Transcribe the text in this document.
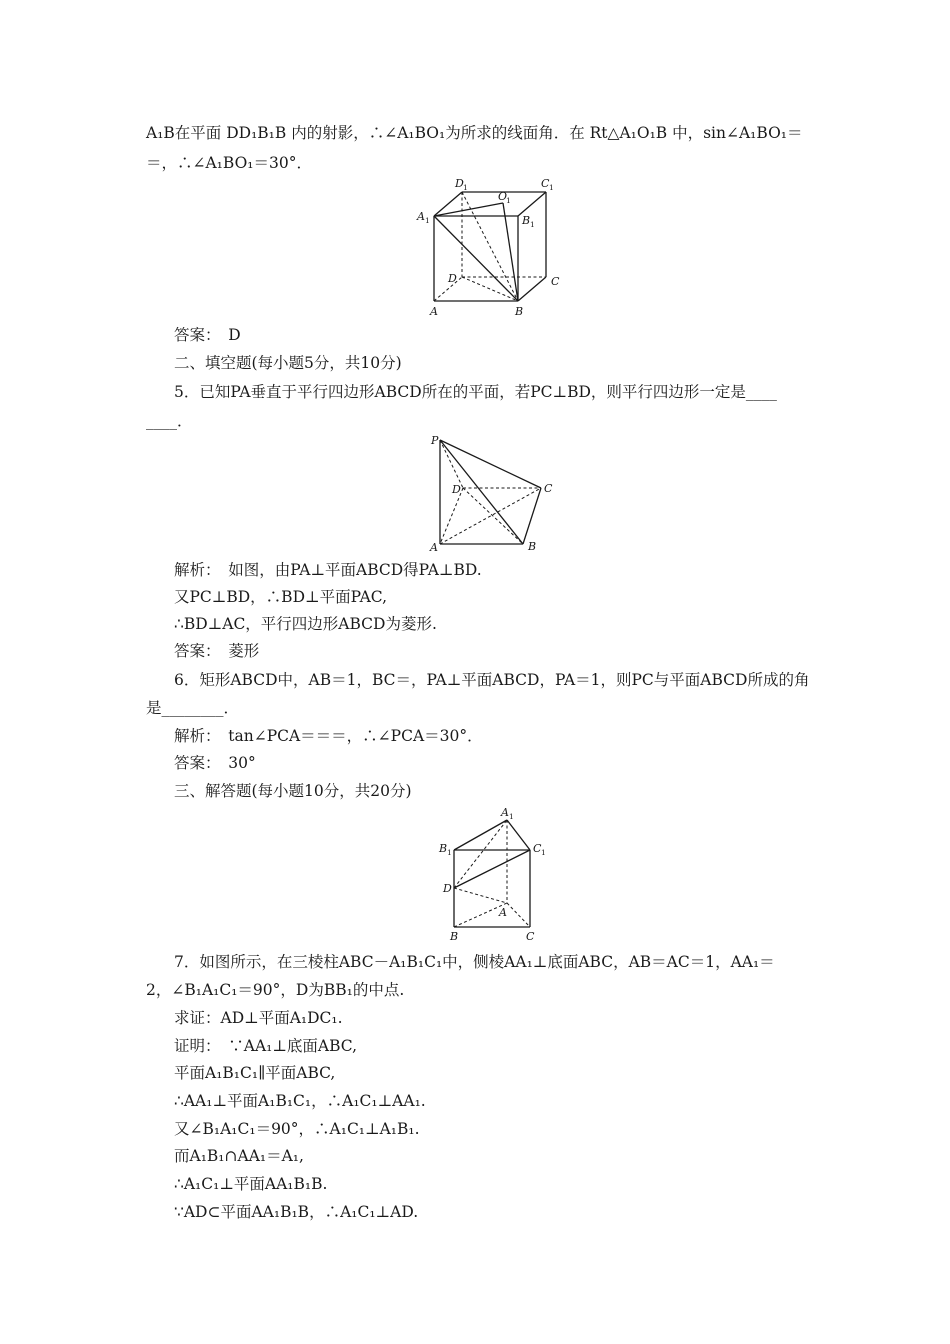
A₁B在平面 DD₁B₁B 内的射影，∴∠A₁BO₁为所求的线面角．在 Rt△A₁O₁B 中，sin∠A₁BO₁＝
＝，∴∠A₁BO₁＝30°．
D 1	C 1
O
1
A 1	B 1
D	C
A	B
答案：　D
二、填空题(每小题5分，共10分)
5．已知PA垂直于平行四边形ABCD所在的平面，若PC⊥BD，则平行四边形一定是____
____．
P
D	C
A	B
解析：　如图，由PA⊥平面ABCD得PA⊥BD.
又PC⊥BD，∴BD⊥平面PAC,
∴BD⊥AC，平行四边形ABCD为菱形.
答案：　菱形
6．矩形ABCD中，AB＝1，BC＝，PA⊥平面ABCD，PA＝1，则PC与平面ABCD所成的角
是________．
解析：　tan∠PCA＝＝＝，∴∠PCA＝30°．
答案：　30°
三、解答题(每小题10分，共20分)
A 1
B 1	C 1
D
A
B	C
7．如图所示，在三棱柱ABC－A₁B₁C₁中，侧棱AA₁⊥底面ABC，AB＝AC＝1，AA₁＝
2，∠B₁A₁C₁＝90°，D为BB₁的中点.
求证：AD⊥平面A₁DC₁.
证明：　∵AA₁⊥底面ABC,
平面A₁B₁C₁∥平面ABC,
∴AA₁⊥平面A₁B₁C₁，∴A₁C₁⊥AA₁.
又∠B₁A₁C₁＝90°，∴A₁C₁⊥A₁B₁.
而A₁B₁∩AA₁＝A₁,
∴A₁C₁⊥平面AA₁B₁B.
∵AD⊂平面AA₁B₁B，∴A₁C₁⊥AD.
